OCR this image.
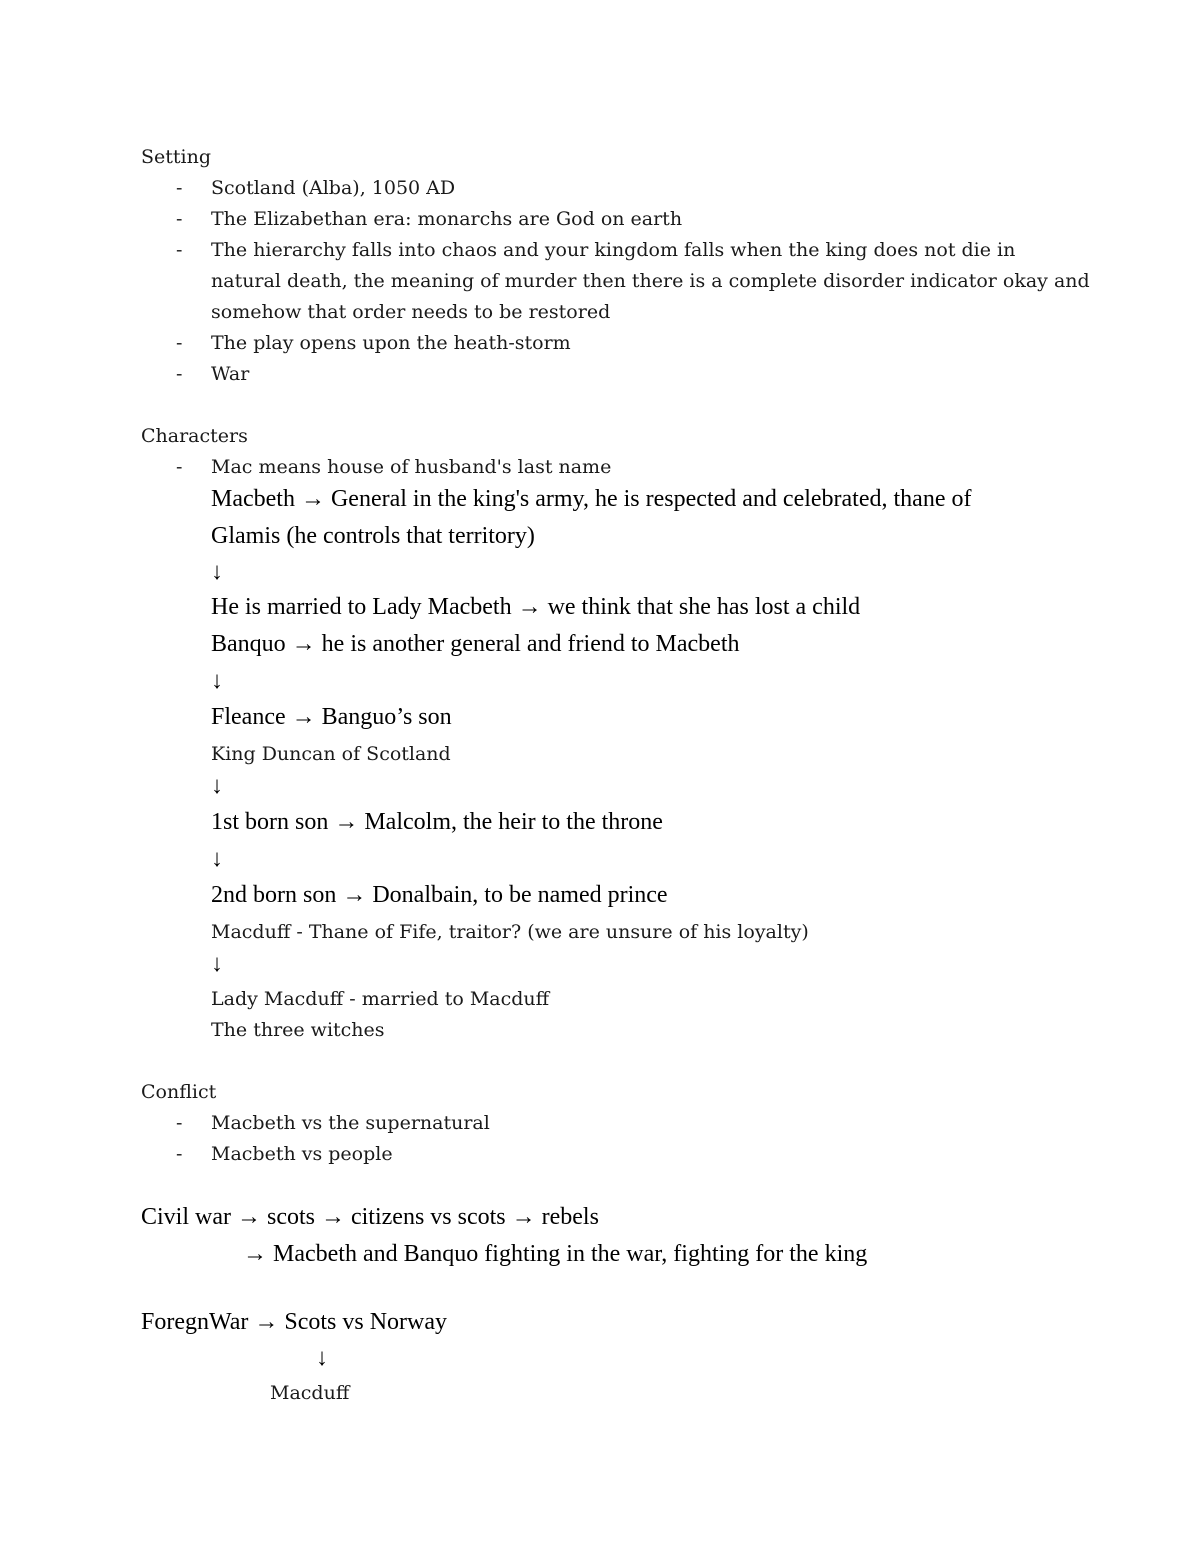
Setting
- Scotland (Alba), 1050 AD
- The Elizabethan era: monarchs are God on earth
- The hierarchy falls into chaos and your kingdom falls when the king does not die in
natural death, the meaning of murder then there is a complete disorder indicator okay and
somehow that order needs to be restored
- The play opens upon the heath-storm
- War
Characters
- Mac means house of husband's last name
Macbeth → General in the king's army, he is respected and celebrated, thane of
Glamis (he controls that territory)
↓
He is married to Lady Macbeth → we think that she has lost a child
Banquo → he is another general and friend to Macbeth
↓
Fleance → Banguo’s son
King Duncan of Scotland
↓
1st born son → Malcolm, the heir to the throne
↓
2nd born son → Donalbain, to be named prince
Macduff - Thane of Fife, traitor? (we are unsure of his loyalty)
↓
Lady Macduff - married to Macduff
The three witches
Conflict
- Macbeth vs the supernatural
- Macbeth vs people
Civil war → scots → citizens vs scots → rebels
→ Macbeth and Banquo fighting in the war, fighting for the king
ForegnWar → Scots vs Norway
↓
Macduff
